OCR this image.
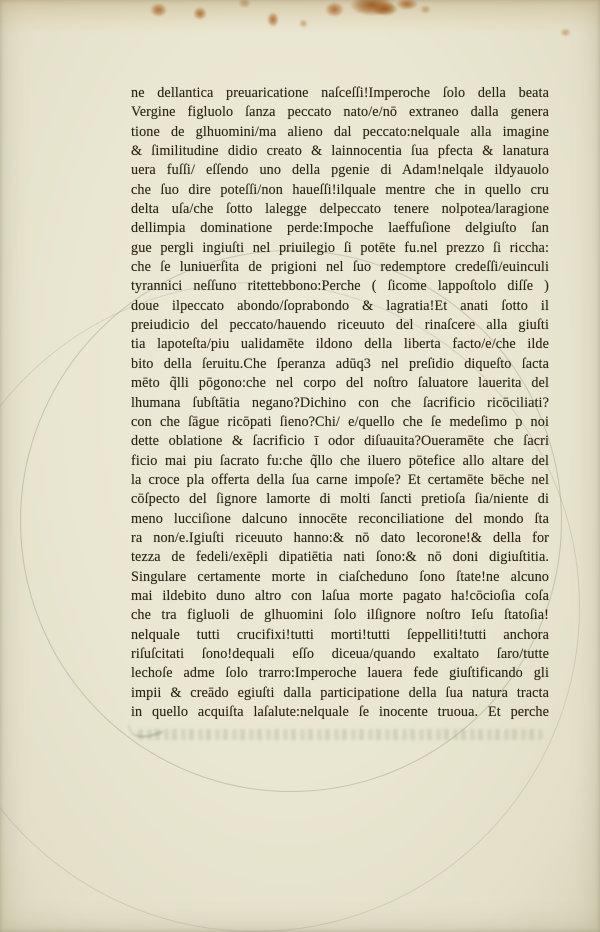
ne dellantica preuaricatione naſceſſi!Imperoche ſolo della beata
Vergine figluolo ſanza peccato nato/e/nō extraneo dalla genera
tione de glhuomini/ma alieno dal peccato:nelquale alla imagine
& ſimilitudine didio creato & lainnocentia ſua pfecta & lanatura
uera fuſſi/ eſſendo uno della pgenie di Adam!nelqale ildyauolo
che ſuo dire poteſſi/non haueſſi!ilquale mentre che in quello cru
delta uſa/che ſotto lalegge delpeccato tenere nolpotea/laragione
dellimpia dominatione perde:Impoche laeffuſione delgiuſto ſan
gue pergli ingiuſti nel priuilegio ſi potēte fu.nel prezzo ſi riccha:
che ſe luniuerſita de prigioni nel ſuo redemptore credeſſi/euinculi
tyrannici neſſuno ritettebbono:Perche ( ſicome lappoſtolo diſſe )
doue ilpeccato abondo/ſoprabondo & lagratia!Et anati ſotto il
preiudicio del peccato/hauendo riceuuto del rinaſcere alla giuſti
tia lapoteſta/piu ualidamēte ildono della liberta facto/e/che ilde
bito della ſeruitu.Che ſperanza adūq3 nel preſidio diqueſto ſacta
mēto q̃lli pōgono:che nel corpo del noſtro ſaluatore lauerita del
lhumana ſubſtātia negano?Dichino con che ſacrificio ricōciliati?
con che ſāgue ricōpati ſieno?Chi/ e/quello che ſe medeſimo p noi
dette oblatione & ſacrificio ī odor diſuauita?Oueramēte che ſacri
ficio mai piu ſacrato fu:che q̃llo che iluero pōtefice allo altare del
la croce pla offerta della ſua carne impoſe? Et certamēte bēche nel
cōſpecto del ſignore lamorte di molti ſancti pretioſa ſia/niente di
meno lucciſione dalcuno innocēte reconciliatione del mondo ſta
ra non/e.Igiuſti riceuuto hanno:& nō dato lecorone!& della for
tezza de fedeli/exēpli dipatiētia nati ſono:& nō doni digiuſtitia.
Singulare certamente morte in ciaſcheduno ſono ſtate!ne alcuno
mai ildebito duno altro con laſua morte pagato ha!cōcioſia coſa
che tra figluoli de glhuomini ſolo ilſignore noſtro Ieſu ſtatoſia!
nelquale tutti crucifixi!tutti morti!tutti ſeppelliti!tutti anchora
riſuſcitati ſono!dequali eſſo diceua/quando exaltato ſaro/tutte
lechoſe adme ſolo trarro:Imperoche lauera fede giuſtificando gli
impii & creādo egiuſti dalla participatione della ſua natura tracta
in quello acquiſta laſalute:nelquale ſe inocente truoua. Et perche
